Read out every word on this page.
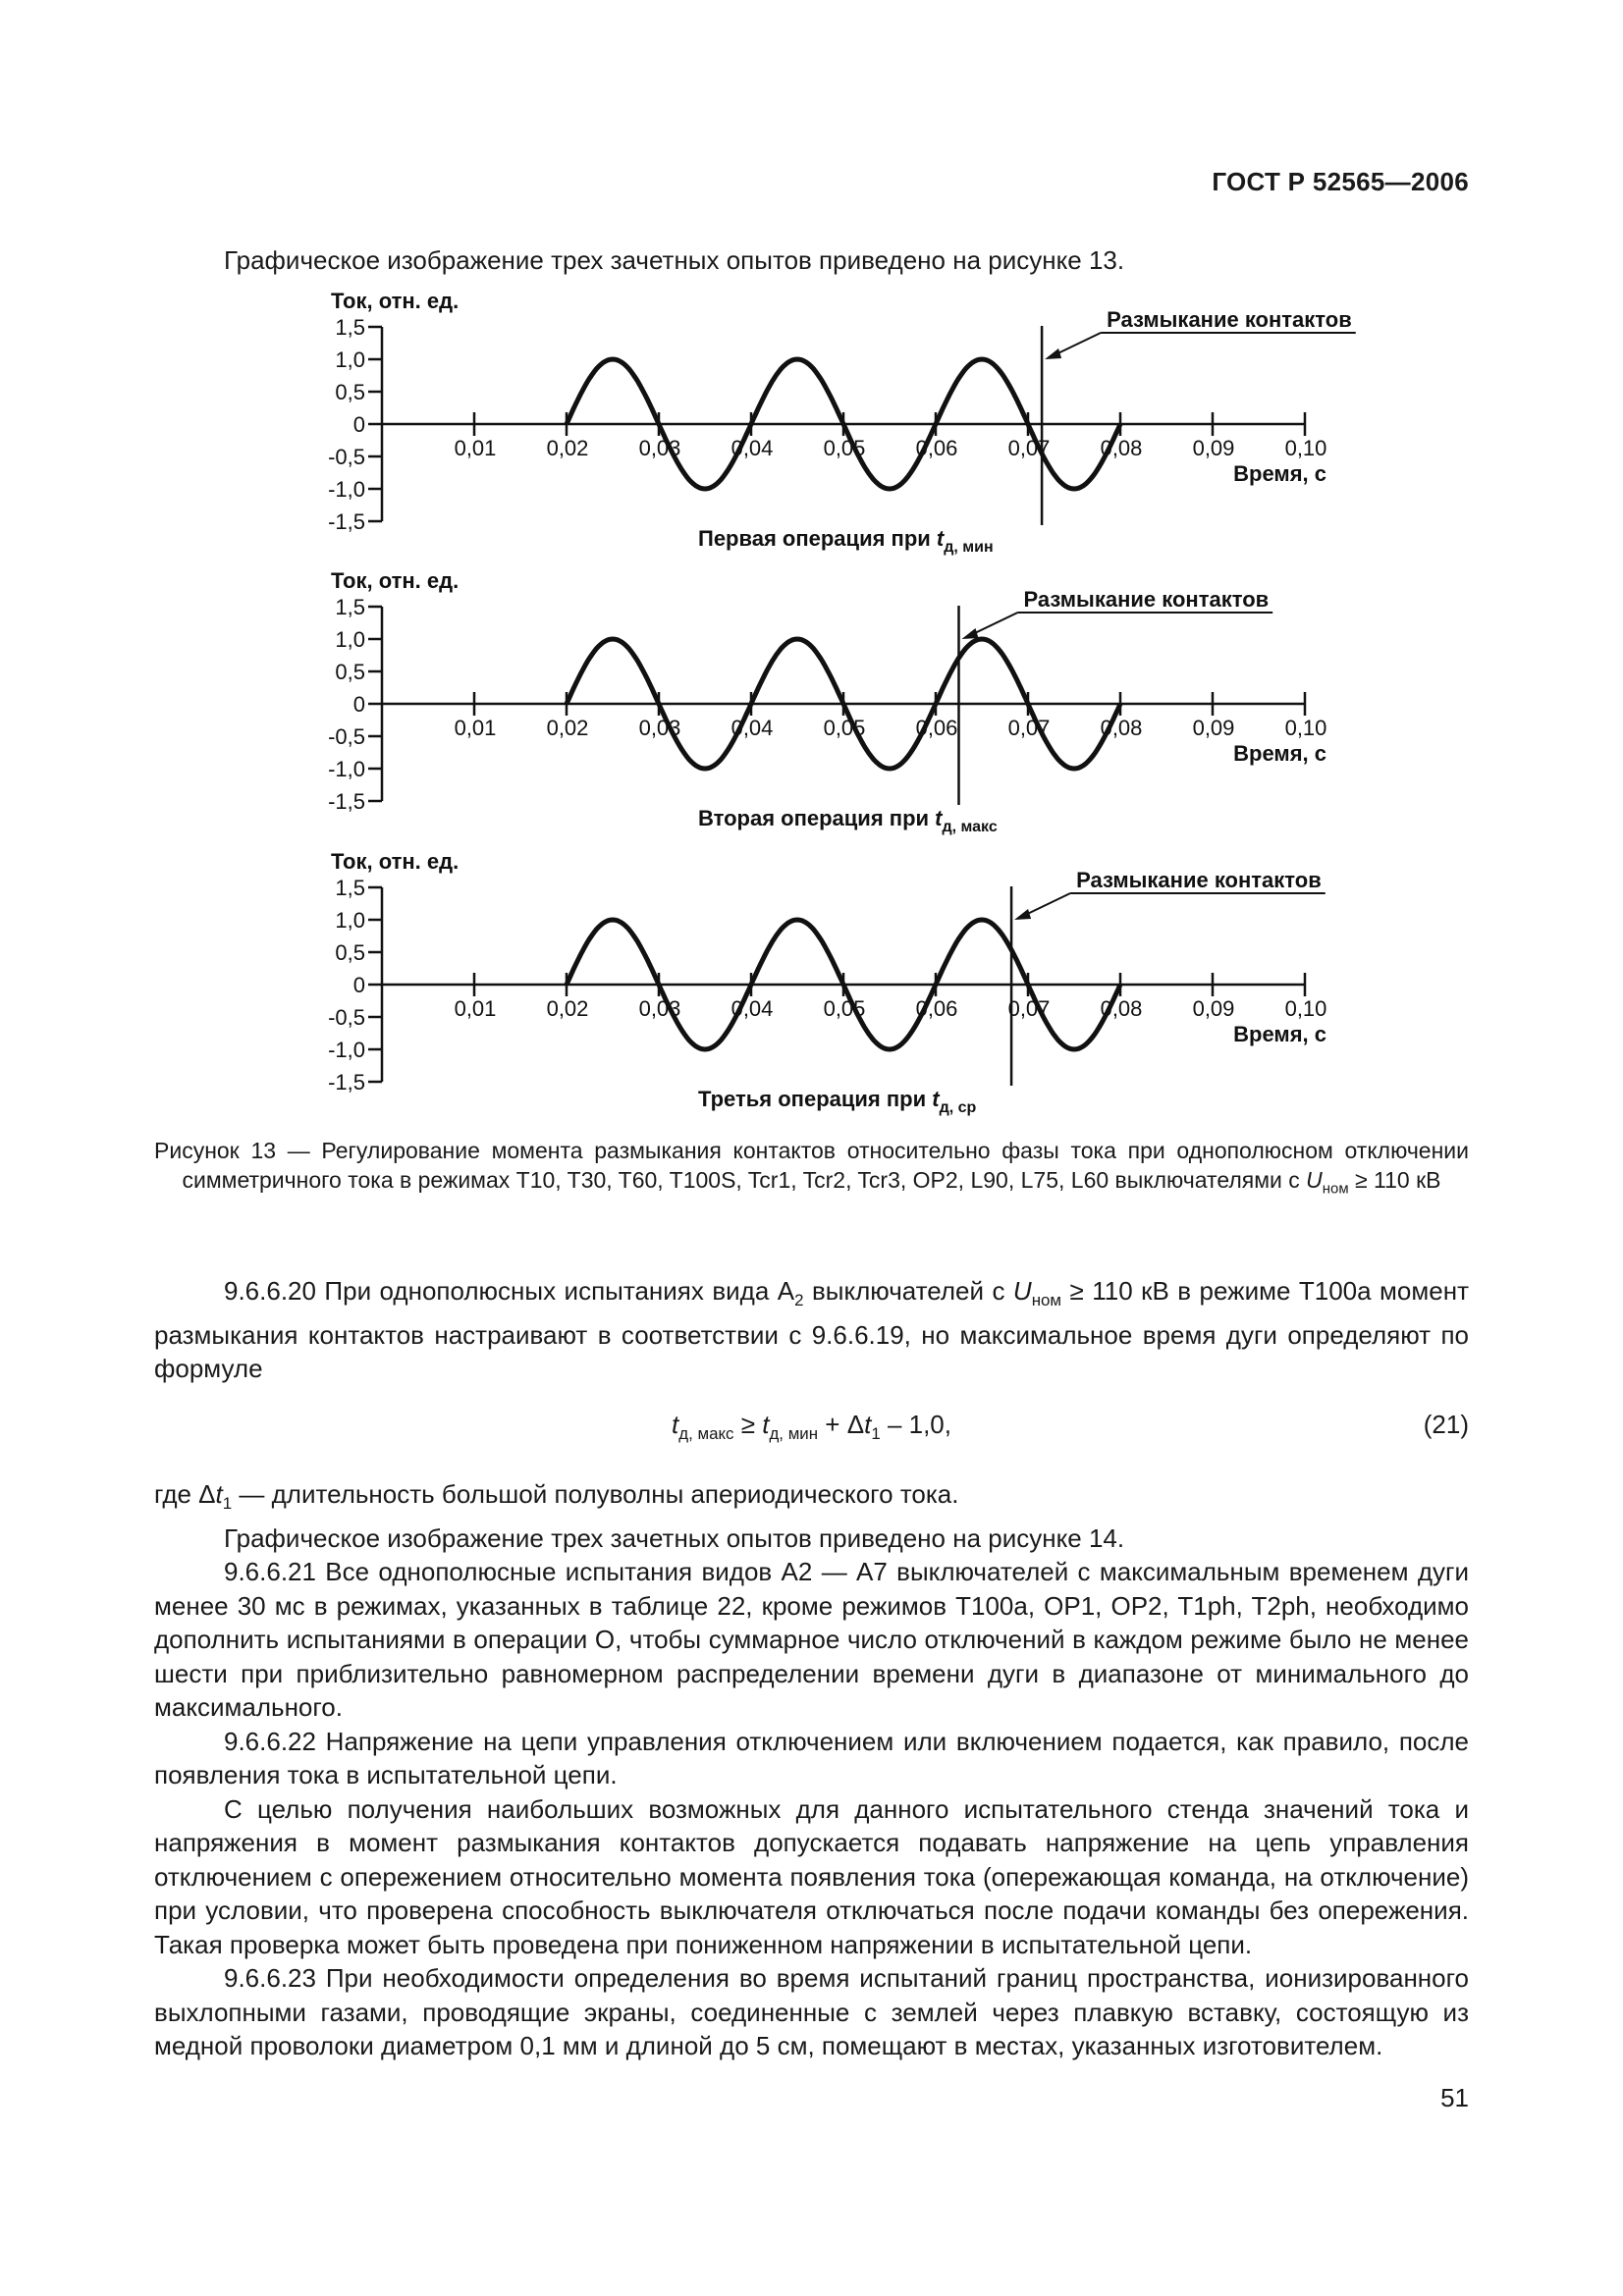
ГОСТ Р 52565—2006
Графическое изображение трех зачетных опытов приведено на рисунке 13.
1,5
1,0
0,5
0
-0,5
-1,0
-1,5
Ток, отн. ед.
0,01 0,02 0,03 0,04 0,05 0,06 0,07 0,08 0,09 0,10
Время, с
Размыкание контактов
Первая операция при $t_{д, мин}$
1,5
1,0
0,5
0
-0,5
-1,0
-1,5
Ток, отн. ед.
0,01 0,02 0,03 0,04 0,05 0,06 0,07 0,08 0,09 0,10
Время, с
Размыкание контактов
Вторая операция при $t_{д, макс}$
1,5
1,0
0,5
0
-0,5
-1,0
-1,5
Ток, отн. ед.
0,01 0,02 0,03 0,04 0,05 0,06 0,07 0,08 0,09 0,10
Время, с
Размыкание контактов
Третья операция при $t_{д, ср}$
Рисунок 13 — Регулирование момента размыкания контактов относительно фазы тока при однополюсном отключении симметричного тока в режимах T10, T30, T60, T100S, Tcr1, Tcr2, Tcr3, OP2, L90, L75, L60 выключателями с $U_{ном} \ge 110$ кВ

9.6.6.20 При однополюсных испытаниях вида $А_2$ выключателей с $U_{ном} \ge 110$ кВ в режиме T100a момент размыкания контактов настраивают в соответствии с 9.6.6.19, но максимальное время дуги определяют по формуле

$t_{д, макс} \ge t_{д, мин} + \Delta t_1 - 1,0$,	(21)

где $\Delta t_1$ — длительность большой полуволны апериодического тока.

Графическое изображение трех зачетных опытов приведено на рисунке 14.

9.6.6.21 Все однополюсные испытания видов А2 — А7 выключателей с максимальным временем дуги менее 30 мс в режимах, указанных в таблице 22, кроме режимов T100a, OP1, OP2, T1ph, T2ph, необходимо дополнить испытаниями в операции О, чтобы суммарное число отключений в каждом режиме было не менее шести при приблизительно равномерном распределении времени дуги в диапазоне от минимального до максимального.

9.6.6.22 Напряжение на цепи управления отключением или включением подается, как правило, после появления тока в испытательной цепи.

С целью получения наибольших возможных для данного испытательного стенда значений тока и напряжения в момент размыкания контактов допускается подавать напряжение на цепь управления отключением с опережением относительно момента появления тока (опережающая команда, на отключение) при условии, что проверена способность выключателя отключаться после подачи команды без опережения. Такая проверка может быть проведена при пониженном напряжении в испытательной цепи.

9.6.6.23 При необходимости определения во время испытаний границ пространства, ионизированного выхлопными газами, проводящие экраны, соединенные с землей через плавкую вставку, состоящую из медной проволоки диаметром 0,1 мм и длиной до 5 см, помещают в местах, указанных изготовителем.

51
